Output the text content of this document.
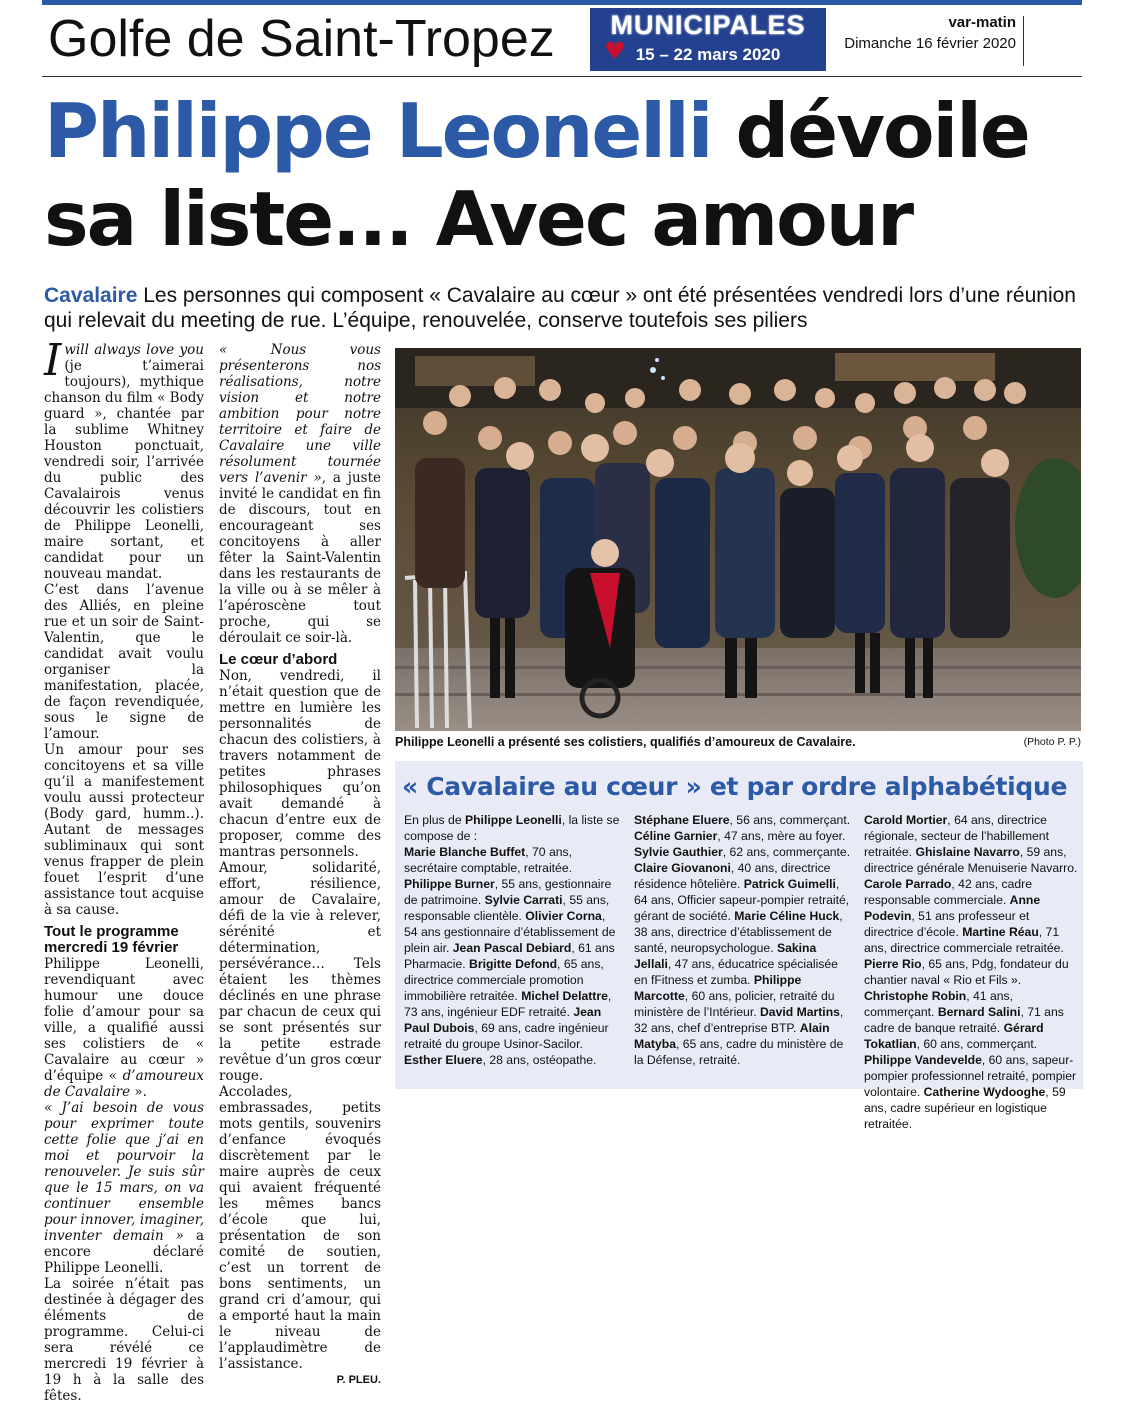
Golfe de Saint-Tropez	MUNICIPALES
♥ 15 – 22 mars 2020
var-matin
Dimanche 16 février 2020
Philippe Leonelli dévoile
sa liste... Avec amour
Cavalaire Les personnes qui composent « Cavalaire au cœur » ont été présentées vendredi lors d’une réunion qui relevait du meeting de rue. L’équipe, renouvelée, conserve toutefois ses piliers

Iwill always love you (je t’aimerai toujours), mythique chanson du film « Body guard », chantée par la sublime Whitney Houston ponctuait, vendredi soir, l’arrivée du public des Cavalairois venus découvrir les colistiers de Philippe Leonelli, maire sortant, et candidat pour un nouveau mandat.

C’est dans l’avenue des Alliés, en pleine rue et un soir de Saint-Valentin, que le candidat avait voulu organiser la manifestation, placée, de façon revendiquée, sous le signe de l’amour.

Un amour pour ses concitoyens et sa ville qu’il a manifestement voulu aussi protecteur (Body gard, humm..). Autant de messages subliminaux qui sont venus frapper de plein fouet l’esprit d’une assistance tout acquise à sa cause.

Tout le programme mercredi 19 février

Philippe Leonelli, revendiquant avec humour une douce folie d’amour pour sa ville, a qualifié aussi ses colistiers de « Cavalaire au cœur » d’équipe « d’amoureux de Cavalaire ».

« J’ai besoin de vous pour exprimer toute cette folie que j’ai en moi et pourvoir la renouveler. Je suis sûr que le 15 mars, on va continuer ensemble pour innover, imaginer, inventer demain » a encore déclaré Philippe Leonelli.

La soirée n’était pas destinée à dégager des éléments de programme. Celui-ci sera révélé ce mercredi 19 février à 19 h à la salle des fêtes.

« Nous vous présenterons nos réalisations, notre vision et notre ambition pour notre territoire et faire de Cavalaire une ville résolument tournée vers l’avenir », a juste invité le candidat en fin de discours, tout en encourageant ses concitoyens à aller fêter la Saint-Valentin dans les restaurants de la ville ou à se mêler à l’apéroscène tout proche, qui se déroulait ce soir-là.

Le cœur d’abord

Non, vendredi, il n’était question que de mettre en lumière les personnalités de chacun des colistiers, à travers notamment de petites phrases philosophiques qu’on avait demandé à chacun d’entre eux de proposer, comme des mantras personnels.

Amour, solidarité, effort, résilience, amour de Cavalaire, défi de la vie à relever, sérénité et détermination, persévérance… Tels étaient les thèmes déclinés en une phrase par chacun de ceux qui se sont présentés sur la petite estrade revêtue d’un gros cœur rouge.

Accolades, embrassades, petits mots gentils, souvenirs d’enfance évoqués discrètement par le maire auprès de ceux qui avaient fréquenté les mêmes bancs d’école que lui, présentation de son comité de soutien, c’est un torrent de bons sentiments, un grand cri d’amour, qui a emporté haut la main le niveau de l’applaudimètre de l’assistance.

P. PLEU.

Philippe Leonelli a présenté ses colistiers, qualifiés d’amoureux de Cavalaire.	(Photo P. P.)
« Cavalaire au cœur » et par ordre alphabétique
En plus de Philippe Leonelli, la liste se compose de :
Marie Blanche Buffet, 70 ans, secrétaire comptable, retraitée. Philippe Burner, 55 ans, gestionnaire de patrimoine. Sylvie Carrati, 55 ans, responsable clientèle. Olivier Corna, 54 ans gestionnaire d’établissement de plein air. Jean Pascal Debiard, 61 ans Pharmacie. Brigitte Defond, 65 ans, directrice commerciale promotion immobilière retraitée. Michel Delattre, 73 ans, ingénieur EDF retraité. Jean Paul Dubois, 69 ans, cadre ingénieur retraité du groupe Usinor-Sacilor. Esther Eluere, 28 ans, ostéopathe.
Stéphane Eluere, 56 ans, commerçant. Céline Garnier, 47 ans, mère au foyer. Sylvie Gauthier, 62 ans, commerçante. Claire Giovanoni, 40 ans, directrice résidence hôtelière. Patrick Guimelli, 64 ans, Officier sapeur-pompier retraité, gérant de société. Marie Céline Huck, 38 ans, directrice d’établissement de santé, neuropsychologue. Sakina Jellali, 47 ans, éducatrice spécialisée en fFitness et zumba. Philippe Marcotte, 60 ans, policier, retraité du ministère de l’Intérieur. David Martins, 32 ans, chef d’entreprise BTP. Alain Matyba, 65 ans, cadre du ministère de la Défense, retraité.
Carold Mortier, 64 ans, directrice régionale, secteur de l’habillement retraitée. Ghislaine Navarro, 59 ans, directrice générale Menuiserie Navarro. Carole Parrado, 42 ans, cadre responsable commerciale. Anne Podevin, 51 ans professeur et directrice d’école. Martine Réau, 71 ans, directrice commerciale retraitée. Pierre Rio, 65 ans, Pdg, fondateur du chantier naval « Rio et Fils ». Christophe Robin, 41 ans, commerçant. Bernard Salini, 71 ans cadre de banque retraité. Gérard Tokatlian, 60 ans, commerçant. Philippe Vandevelde, 60 ans, sapeur-pompier professionnel retraité, pompier volontaire. Catherine Wydooghe, 59 ans, cadre supérieur en logistique retraitée.
